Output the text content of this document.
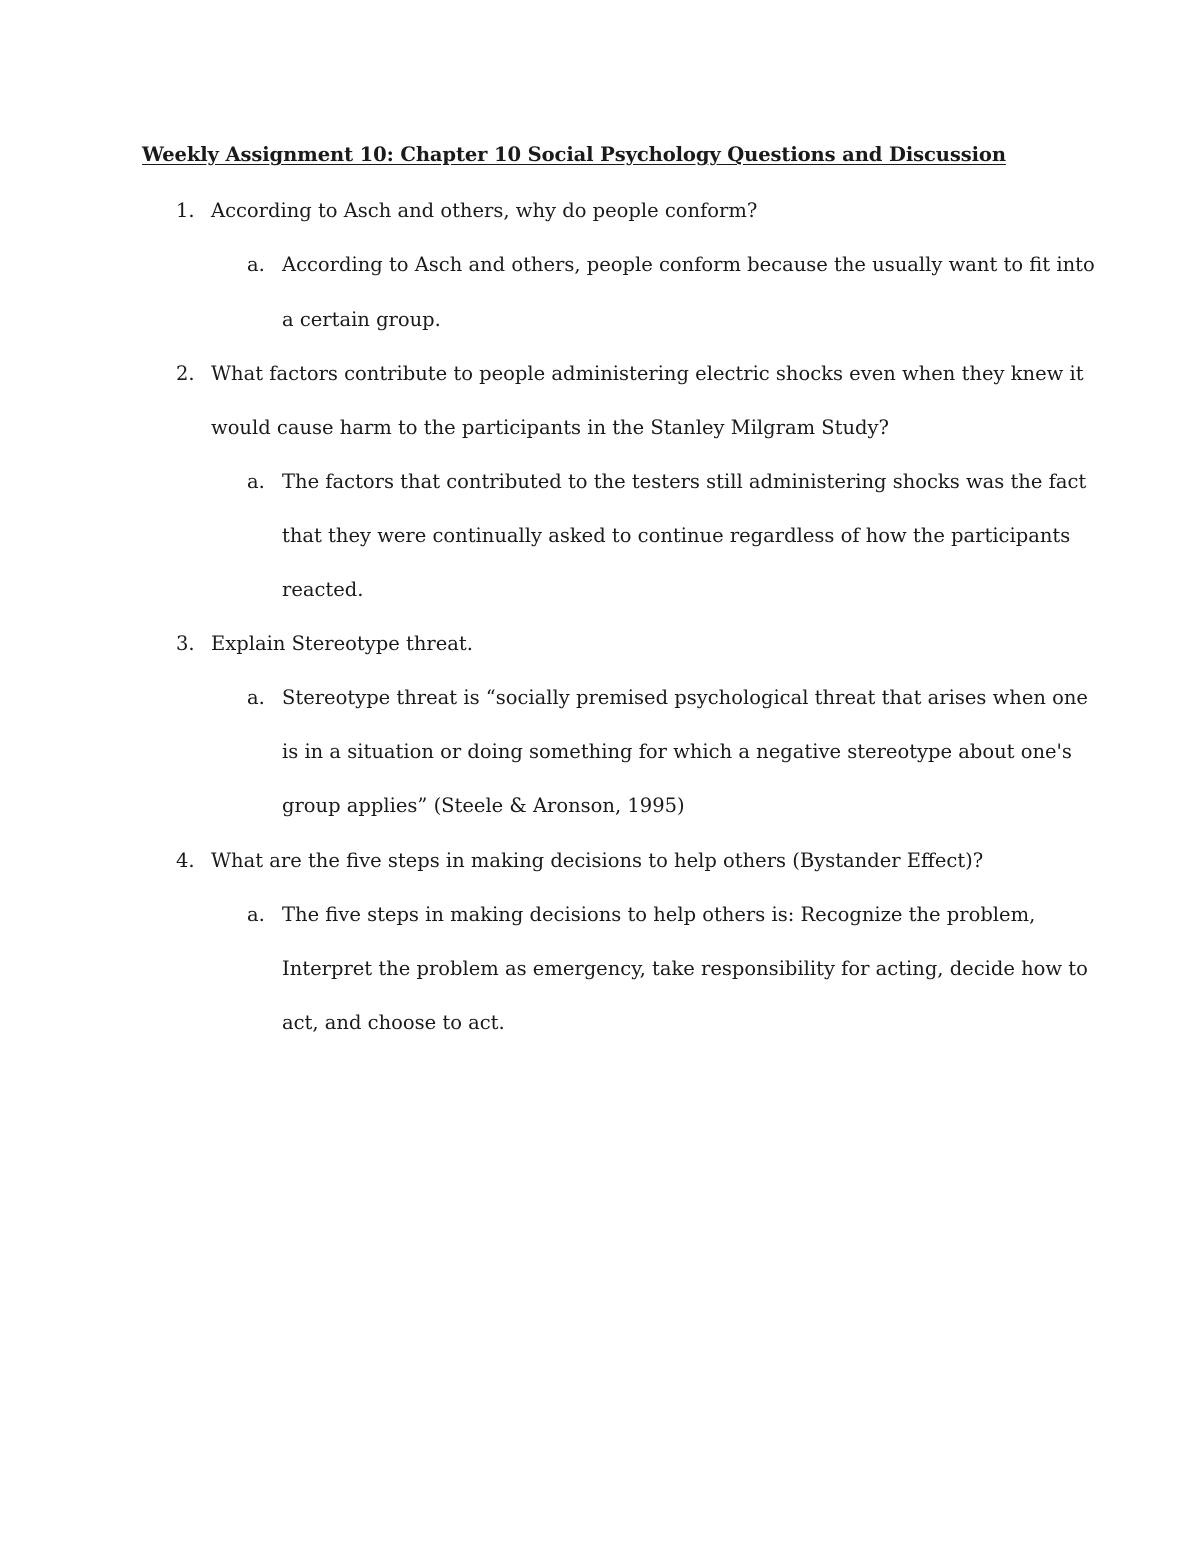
Weekly Assignment 10: Chapter 10 Social Psychology Questions and Discussion
1. According to Asch and others, why do people conform?
a. According to Asch and others, people conform because the usually want to fit into
a certain group.
2. What factors contribute to people administering electric shocks even when they knew it
would cause harm to the participants in the Stanley Milgram Study?
a. The factors that contributed to the testers still administering shocks was the fact
that they were continually asked to continue regardless of how the participants
reacted.
3. Explain Stereotype threat.
a. Stereotype threat is “socially premised psychological threat that arises when one
is in a situation or doing something for which a negative stereotype about one's
group applies” (Steele & Aronson, 1995)
4. What are the five steps in making decisions to help others (Bystander Effect)?
a. The five steps in making decisions to help others is: Recognize the problem,
Interpret the problem as emergency, take responsibility for acting, decide how to
act, and choose to act.
